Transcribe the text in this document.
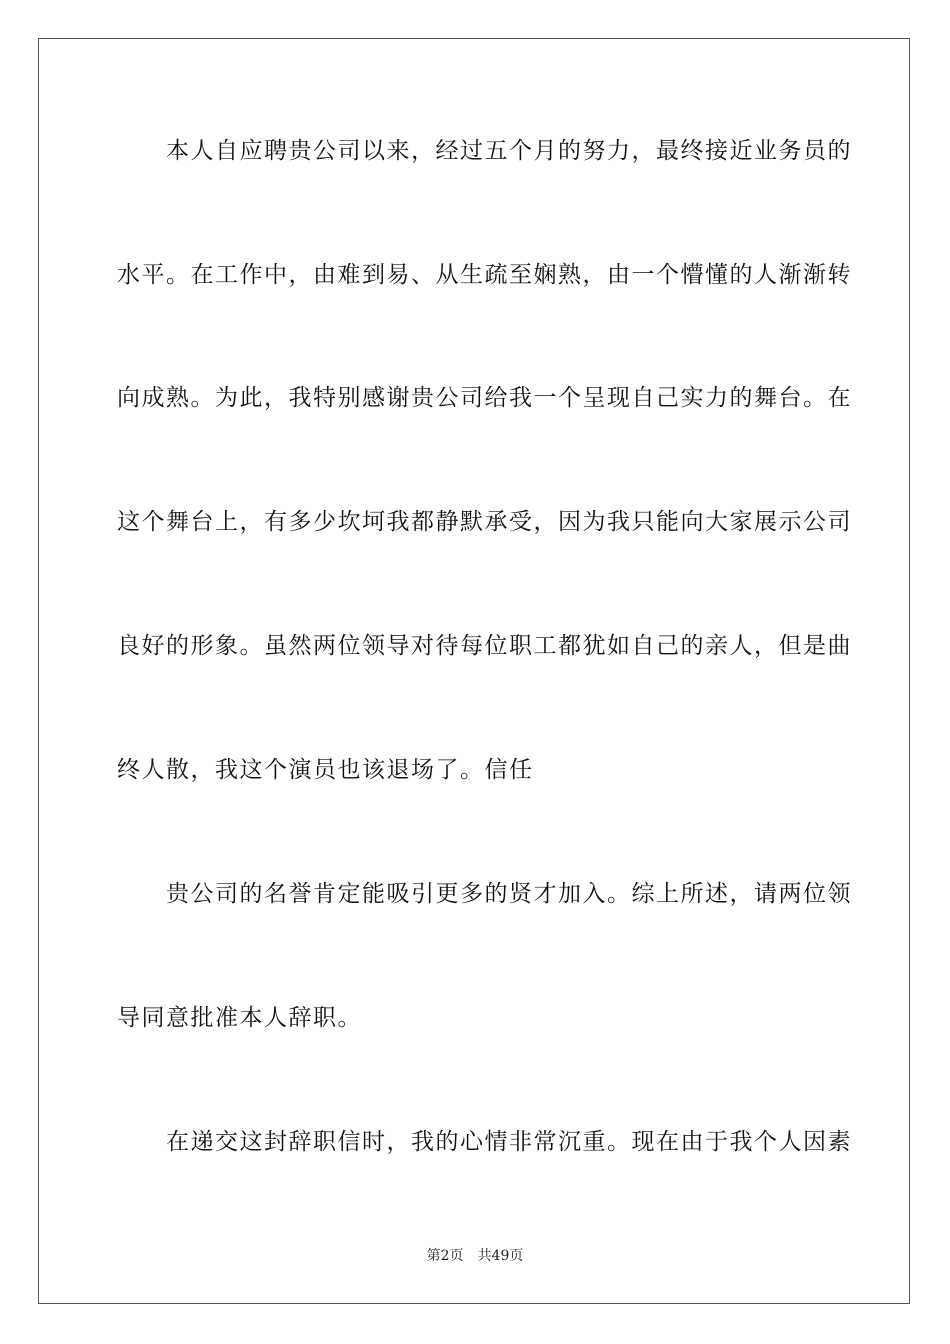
　　本人自应聘贵公司以来，经过五个月的努力，最终接近业务员的
水平。在工作中，由难到易、从生疏至娴熟，由一个懵懂的人渐渐转
向成熟。为此，我特别感谢贵公司给我一个呈现自己实力的舞台。在
这个舞台上，有多少坎坷我都静默承受，因为我只能向大家展示公司
良好的形象。虽然两位领导对待每位职工都犹如自己的亲人，但是曲
终人散，我这个演员也该退场了。信任
　　贵公司的名誉肯定能吸引更多的贤才加入。综上所述，请两位领
导同意批准本人辞职。
　　在递交这封辞职信时，我的心情非常沉重。现在由于我个人因素
第2页 共49页
